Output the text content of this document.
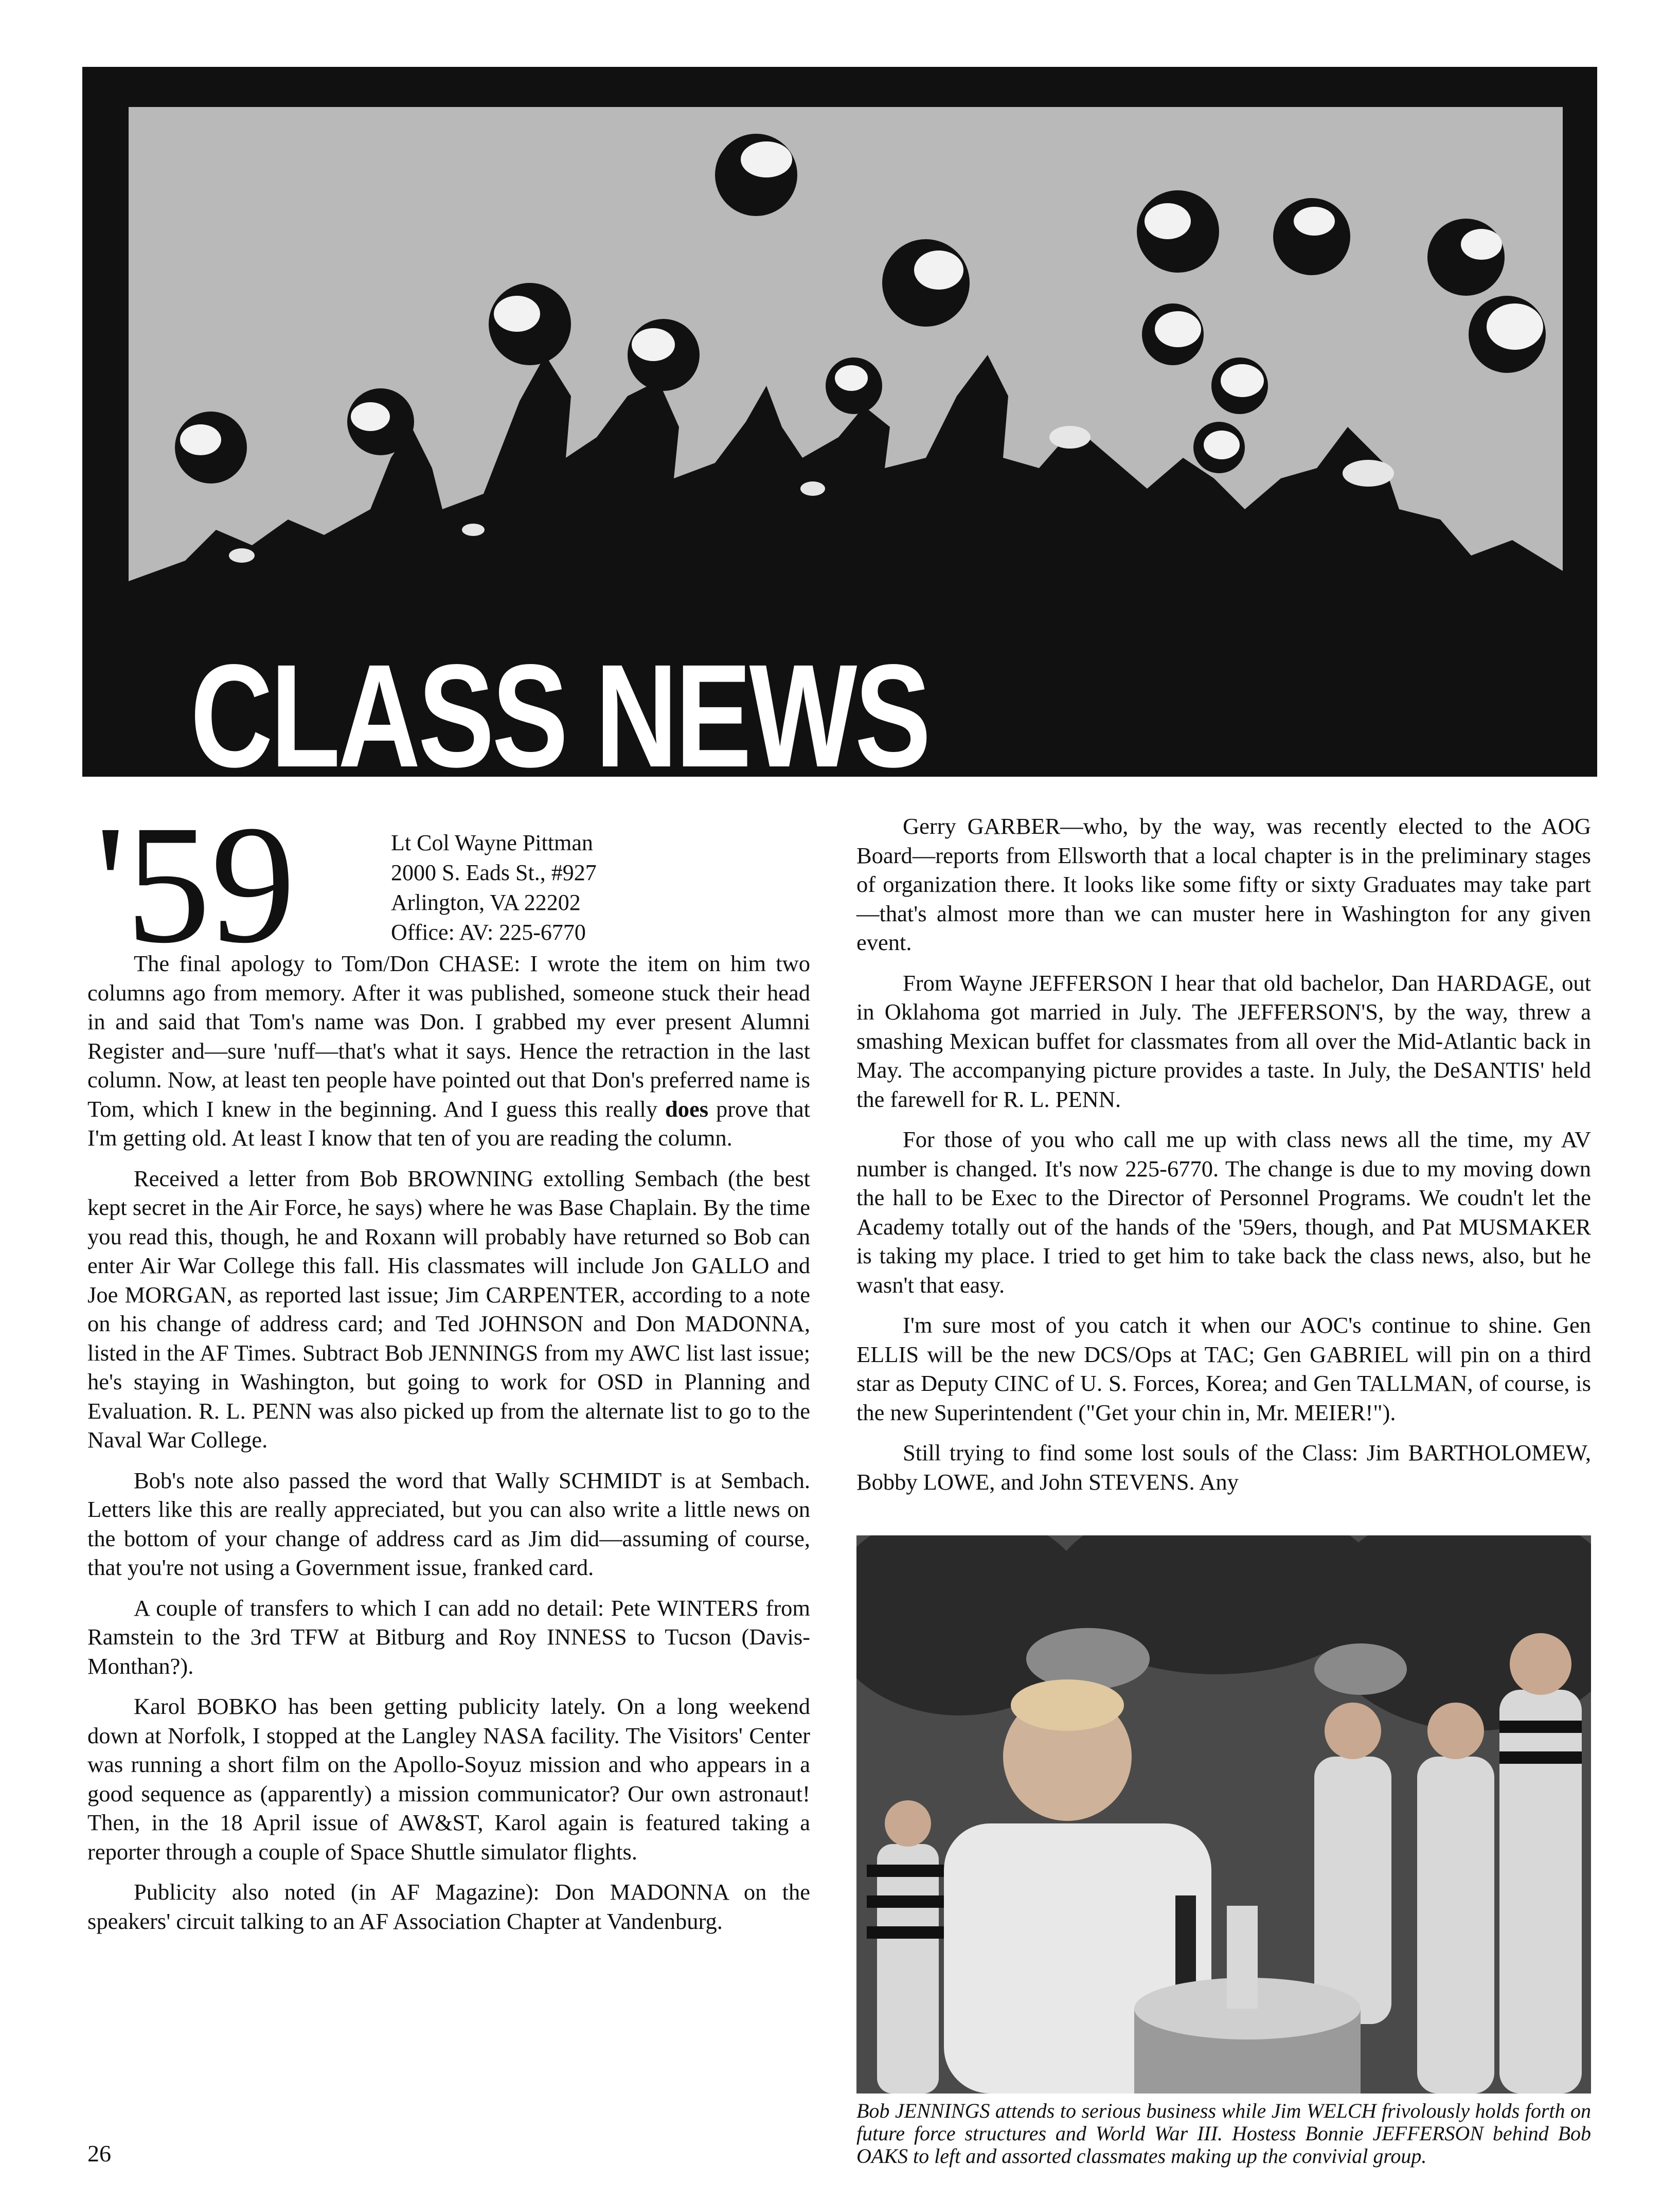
CLASS NEWS
'59	Lt Col Wayne Pittman
2000 S. Eads St., #927
Arlington, VA 22202
Office: AV: 225-6770

The final apology to Tom/Don CHASE: I wrote the item on him two columns ago from memory. After it was published, someone stuck their head in and said that Tom's name was Don. I grabbed my ever present Alumni Register and—sure 'nuff—that's what it says. Hence the retraction in the last column. Now, at least ten people have pointed out that Don's preferred name is Tom, which I knew in the beginning. And I guess this really does prove that I'm getting old. At least I know that ten of you are reading the column.

Received a letter from Bob BROWNING extolling Sembach (the best kept secret in the Air Force, he says) where he was Base Chaplain. By the time you read this, though, he and Roxann will probably have returned so Bob can enter Air War College this fall. His classmates will include Jon GALLO and Joe MORGAN, as reported last issue; Jim CARPENTER, according to a note on his change of address card; and Ted JOHNSON and Don MADONNA, listed in the AF Times. Subtract Bob JENNINGS from my AWC list last issue; he's staying in Washington, but going to work for OSD in Planning and Evaluation. R. L. PENN was also picked up from the alternate list to go to the Naval War College.

Bob's note also passed the word that Wally SCHMIDT is at Sembach. Letters like this are really appreciated, but you can also write a little news on the bottom of your change of address card as Jim did—assuming of course, that you're not using a Government issue, franked card.

A couple of transfers to which I can add no detail: Pete WINTERS from Ramstein to the 3rd TFW at Bitburg and Roy INNESS to Tucson (Davis-Monthan?).

Karol BOBKO has been getting publicity lately. On a long weekend down at Norfolk, I stopped at the Langley NASA facility. The Visitors' Center was running a short film on the Apollo-Soyuz mission and who appears in a good sequence as (apparently) a mission communicator? Our own astronaut! Then, in the 18 April issue of AW&ST, Karol again is featured taking a reporter through a couple of Space Shuttle simulator flights.

Publicity also noted (in AF Magazine): Don MADONNA on the speakers' circuit talking to an AF Association Chapter at Vandenburg.

Gerry GARBER—who, by the way, was recently elected to the AOG Board—reports from Ellsworth that a local chapter is in the preliminary stages of organization there. It looks like some fifty or sixty Graduates may take part—that's almost more than we can muster here in Washington for any given event.

From Wayne JEFFERSON I hear that old bachelor, Dan HARDAGE, out in Oklahoma got married in July. The JEFFERSON'S, by the way, threw a smashing Mexican buffet for classmates from all over the Mid-Atlantic back in May. The accompanying picture provides a taste. In July, the DeSANTIS' held the farewell for R. L. PENN.

For those of you who call me up with class news all the time, my AV number is changed. It's now 225-6770. The change is due to my moving down the hall to be Exec to the Director of Personnel Programs. We coudn't let the Academy totally out of the hands of the '59ers, though, and Pat MUSMAKER is taking my place. I tried to get him to take back the class news, also, but he wasn't that easy.

I'm sure most of you catch it when our AOC's continue to shine. Gen ELLIS will be the new DCS/Ops at TAC; Gen GABRIEL will pin on a third star as Deputy CINC of U. S. Forces, Korea; and Gen TALLMAN, of course, is the new Superintendent ("Get your chin in, Mr. MEIER!").

Still trying to find some lost souls of the Class: Jim BARTHOLOMEW, Bobby LOWE, and John STEVENS. Any

Bob JENNINGS attends to serious business while Jim WELCH frivolously holds forth on future force structures and World War III. Hostess Bonnie JEFFERSON behind Bob OAKS to left and assorted classmates making up the convivial group.
26
